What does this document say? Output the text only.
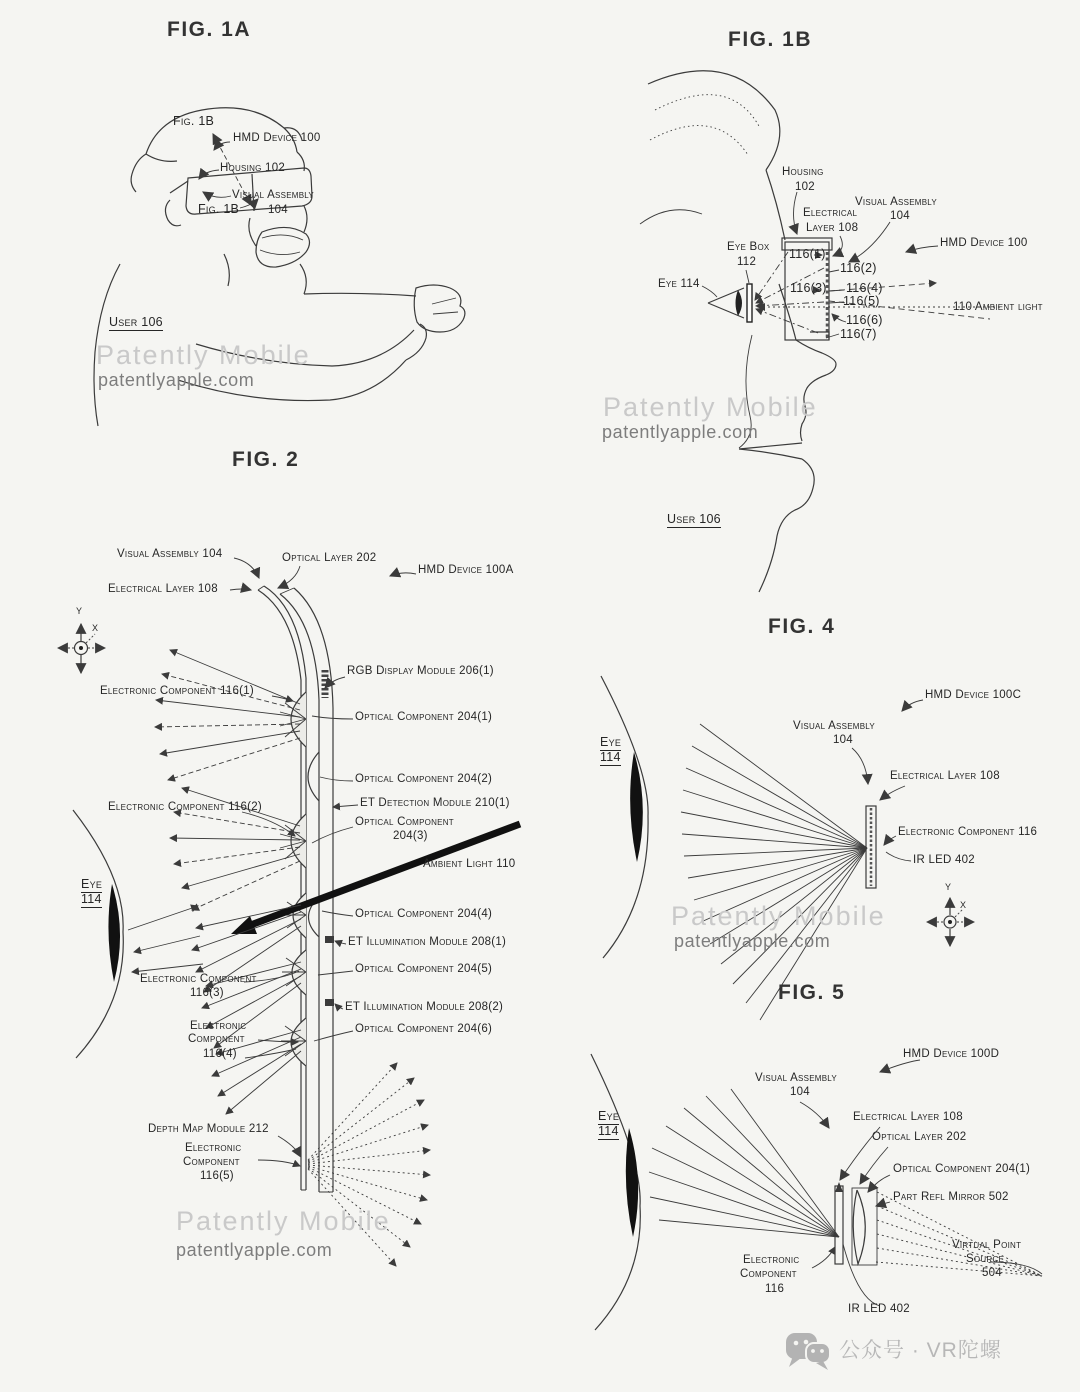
FIG. 1A
Fig. 1B
HMD Device 100
Housing 102
Visual Assembly
Fig. 1B	104
User 106
Patently Mobile
patentlyapple.com
FIG. 1B
Housing
102
Visual Assembly
104
Electrical
Layer 108
HMD Device 100
Eye Box
112
116(1)
116(2)
Eye 114	116(3) 116(4)
116(5)	110 Ambient light
116(6)
116(7)
Patently Mobile
patentlyapple.com
User 106
FIG. 2
Visual Assembly 104	Optical Layer 202
HMD Device 100A
Electrical Layer 108
y
x
RGB Display Module 206(1)
Electronic Component 116(1)
Optical Component 204(1)
Optical Component 204(2)
ET Detection Module 210(1)
Electronic Component 116(2)
Optical Component
204(3)
Ambient Light 110
Eye
114
Optical Component 204(4)
ET Illumination Module 208(1)
Optical Component 204(5)
Electronic Component
116(3)
ET Illumination Module 208(2)
Optical Component 204(6)
Electronic
Component
116(4)
Depth Map Module 212
Electronic
Component
116(5)
Patently Mobile
patentlyapple.com
FIG. 4
HMD Device 100C
Visual Assembly
104
Eye
114
Electrical Layer 108
Electronic Component 116
IR LED 402
y
x
Patently Mobile
patentlyapple.com
FIG. 5
HMD Device 100D
Visual Assembly
104
Eye
114
Electrical Layer 108
Optical Layer 202
Optical Component 204(1)
Part Refl Mirror 502
Virtual Point
Source
504
Electronic
Component
116
IR LED 402
公众号 · VR陀螺
